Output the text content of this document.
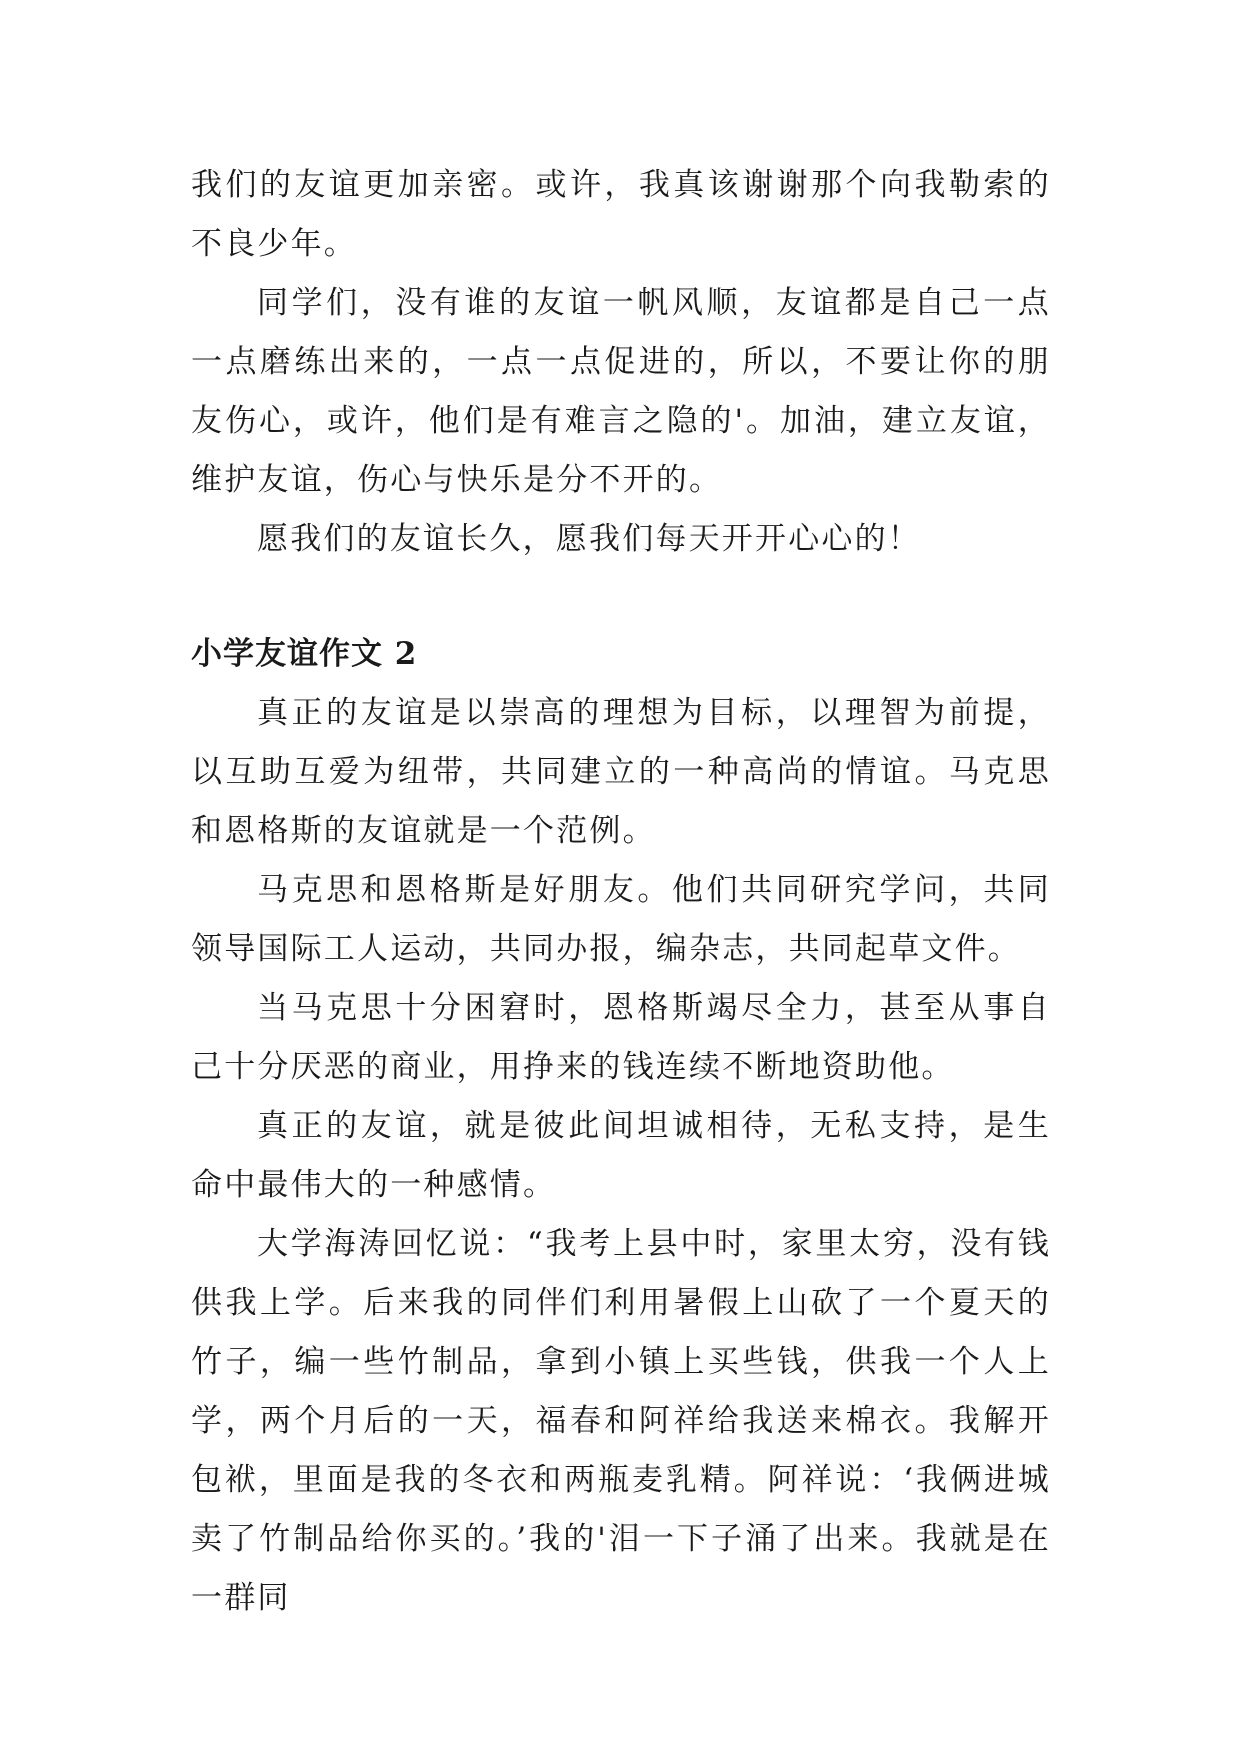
我们的友谊更加亲密。或许，我真该谢谢那个向我勒索的不良少年。

同学们，没有谁的友谊一帆风顺，友谊都是自己一点一点磨练出来的，一点一点促进的，所以，不要让你的朋友伤心，或许，他们是有难言之隐的'。加油，建立友谊，维护友谊，伤心与快乐是分不开的。

愿我们的友谊长久，愿我们每天开开心心的！

小学友谊作文 2

真正的友谊是以崇高的理想为目标，以理智为前提，以互助互爱为纽带，共同建立的一种高尚的情谊。马克思和恩格斯的友谊就是一个范例。

马克思和恩格斯是好朋友。他们共同研究学问，共同领导国际工人运动，共同办报，编杂志，共同起草文件。

当马克思十分困窘时，恩格斯竭尽全力，甚至从事自己十分厌恶的商业，用挣来的钱连续不断地资助他。

真正的友谊，就是彼此间坦诚相待，无私支持，是生命中最伟大的一种感情。

大学海涛回忆说：“我考上县中时，家里太穷，没有钱供我上学。后来我的同伴们利用暑假上山砍了一个夏天的竹子，编一些竹制品，拿到小镇上买些钱，供我一个人上学，两个月后的一天，福春和阿祥给我送来棉衣。我解开包袱，里面是我的冬衣和两瓶麦乳精。阿祥说：‘我俩进城卖了竹制品给你买的。’我的'泪一下子涌了出来。我就是在一群同
